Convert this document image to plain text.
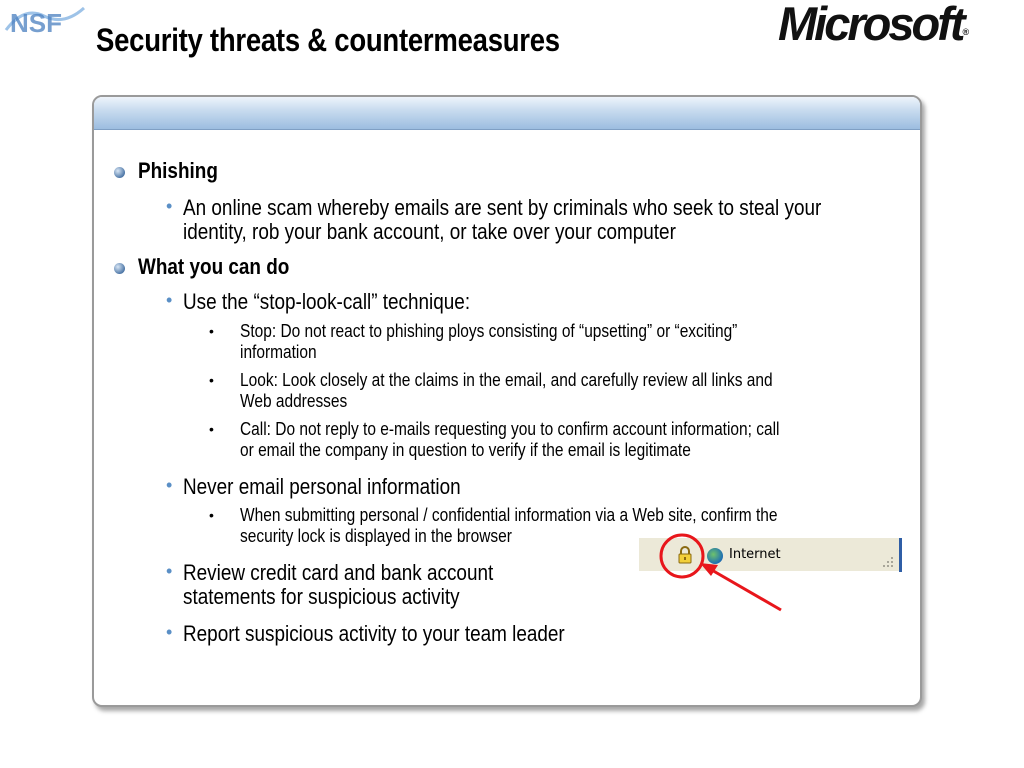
NSF Security threats & countermeasures	Microsoft®
Phishing
• An online scam whereby emails are sent by criminals who seek to steal your
identity, rob your bank account, or take over your computer
What you can do
• Use the “stop-look-call” technique:
• Stop: Do not react to phishing ploys consisting of “upsetting” or “exciting”
information
• Look: Look closely at the claims in the email, and carefully review all links and
Web addresses
• Call: Do not reply to e-mails requesting you to confirm account information; call
or email the company in question to verify if the email is legitimate
• Never email personal information
• When submitting personal / confidential information via a Web site, confirm the
security lock is displayed in the browser
• Review credit card and bank account
statements for suspicious activity
• Report suspicious activity to your team leader
Internet
